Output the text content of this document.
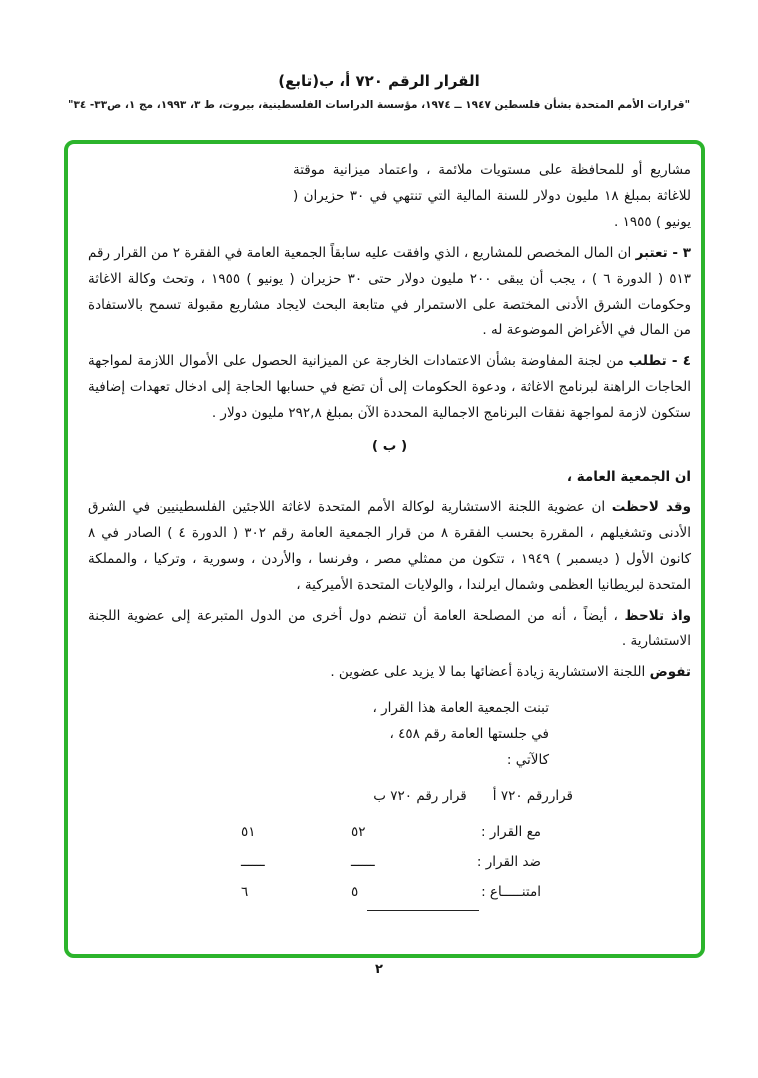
(تابع)القرار الرقم ٧٢٠ أ، ب
"قرارات الأمم المتحدة بشأن فلسطين ١٩٤٧ ــ ١٩٧٤، مؤسسة الدراسات الفلسطينية، بيروت، ط ٣، ١٩٩٣، مج ١، ص٣٣- ٣٤"

مشاريع أو للمحافظة على مستويات ملائمة ، واعتماد ميزانية موقتة للاغاثة بمبلغ ١٨ مليون دولار للسنة المالية التي تنتهي في ٣٠ حزيران ( يونيو ) ١٩٥٥ .

٣ - تعتبر ان المال المخصص للمشاريع ، الذي وافقت عليه سابقاً الجمعية العامة في الفقرة ٢ من القرار رقم ٥١٣ ( الدورة ٦ ) ، يجب أن يبقى ٢٠٠ مليون دولار حتى ٣٠ حزيران ( يونيو ) ١٩٥٥ ، وتحث وكالة الاغاثة وحكومات الشرق الأدنى المختصة على الاستمرار في متابعة البحث لايجاد مشاريع مقبولة تسمح بالاستفادة من المال في الأغراض الموضوعة له .

٤ - تطلب من لجنة المفاوضة بشأن الاعتمادات الخارجة عن الميزانية الحصول على الأموال اللازمة لمواجهة الحاجات الراهنة لبرنامج الاغاثة ، ودعوة الحكومات إلى أن تضع في حسابها الحاجة إلى ادخال تعهدات إضافية ستكون لازمة لمواجهة نفقات البرنامج الاجمالية المحددة الآن بمبلغ ٢٩٢,٨ مليون دولار .

( ب )
ان الجمعية العامة ،

وقد لاحظت ان عضوية اللجنة الاستشارية لوكالة الأمم المتحدة لاغاثة اللاجئين الفلسطينيين في الشرق الأدنى وتشغيلهم ، المقررة بحسب الفقرة ٨ من قرار الجمعية العامة رقم ٣٠٢ ( الدورة ٤ ) الصادر في ٨ كانون الأول ( ديسمبر ) ١٩٤٩ ، تتكون من ممثلي مصر ، وفرنسا ، والأردن ، وسورية ، وتركيا ، والمملكة المتحدة لبريطانيا العظمى وشمال ايرلندا ، والولايات المتحدة الأميركية ،

واذ تلاحظ ، أيضاً ، أنه من المصلحة العامة أن تنضم دول أخرى من الدول المتبرعة إلى عضوية اللجنة الاستشارية .

تفوض اللجنة الاستشارية زيادة أعضائها بما لا يزيد على عضوين .

تبنت الجمعية العامة هذا القرار ،
في جلستها العامة رقم ٤٥٨ ،
كالآتي :
قراررقم ٧٢٠ أ
قرار رقم ٧٢٠ ب
مع القرار :
٥٢
٥١
ضد القرار :
ــــــ
ــــــ
امتنـــــاع :
٥
٦
٢
